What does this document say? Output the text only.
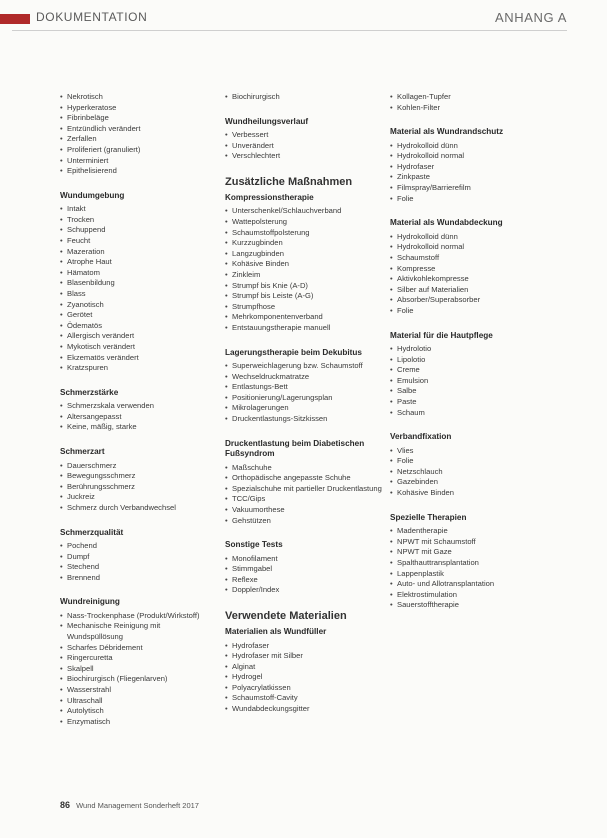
DOKUMENTATION	ANHANG A
• Nekrotisch
• Hyperkeratose
• Fibrinbeläge
• Entzündlich verändert
• Zerfallen
• Proliferiert (granuliert)
• Unterminiert
• Epithelisierend
Wundumgebung
• Intakt
• Trocken
• Schuppend
• Feucht
• Mazeration
• Atrophe Haut
• Hämatom
• Blasenbildung
• Blass
• Zyanotisch
• Gerötet
• Ödematös
• Allergisch verändert
• Mykotisch verändert
• Ekzematös verändert
• Kratzspuren
Schmerzstärke
• Schmerzskala verwenden
• Altersangepasst
• Keine, mäßig, starke
Schmerzart
• Dauerschmerz
• Bewegungsschmerz
• Berührungsschmerz
• Juckreiz
• Schmerz durch Verbandwechsel
Schmerzqualität
• Pochend
• Dumpf
• Stechend
• Brennend
Wundreinigung
• Nass-Trockenphase (Produkt/Wirkstoff)
• Mechanische Reinigung mit Wundspüllösung
• Scharfes Débridement
• Ringercuretta
• Skalpell
• Biochirurgisch (Fliegenlarven)
• Wasserstrahl
• Ultraschall
• Autolytisch
• Enzymatisch
• Biochirurgisch
Wundheilungsverlauf
• Verbessert
• Unverändert
• Verschlechtert
Zusätzliche Maßnahmen
Kompressionstherapie
• Unterschenkel/Schlauchverband
• Wattepolsterung
• Schaumstoffpolsterung
• Kurzzugbinden
• Langzugbinden
• Kohäsive Binden
• Zinkleim
• Strumpf bis Knie (A-D)
• Strumpf bis Leiste (A-G)
• Strumpfhose
• Mehrkomponentenverband
• Entstauungstherapie manuell
Lagerungstherapie beim Dekubitus
• Superweichlagerung bzw. Schaumstoff
• Wechseldruckmatratze
• Entlastungs-Bett
• Positionierung/Lagerungsplan
• Mikrolagerungen
• Druckentlastungs-Sitzkissen
Druckentlastung beim Diabetischen Fußsyndrom
• Maßschuhe
• Orthopädische angepasste Schuhe
• Spezialschuhe mit partieller Druckentlastung
• TCC/Gips
• Vakuumorthese
• Gehstützen
Sonstige Tests
• Monofilament
• Stimmgabel
• Reflexe
• Doppler/Index
Verwendete Materialien
Materialien als Wundfüller
• Hydrofaser
• Hydrofaser mit Silber
• Alginat
• Hydrogel
• Polyacrylatkissen
• Schaumstoff-Cavity
• Wundabdeckungsgitter
• Kollagen-Tupfer
• Kohlen-Filter
Material als Wundrandschutz
• Hydrokolloid dünn
• Hydrokolloid normal
• Hydrofaser
• Zinkpaste
• Filmspray/Barrierefilm
• Folie
Material als Wundabdeckung
• Hydrokolloid dünn
• Hydrokolloid normal
• Schaumstoff
• Kompresse
• Aktivkohlekompresse
• Silber auf Materialien
• Absorber/Superabsorber
• Folie
Material für die Hautpflege
• Hydrolotio
• Lipolotio
• Creme
• Emulsion
• Salbe
• Paste
• Schaum
Verbandfixation
• Vlies
• Folie
• Netzschlauch
• Gazebinden
• Kohäsive Binden
Spezielle Therapien
• Madentherapie
• NPWT mit Schaumstoff
• NPWT mit Gaze
• Spalthauttransplantation
• Lappenplastik
• Auto- und Allotransplantation
• Elektrostimulation
• Sauerstofftherapie
86 Wund Management Sonderheft 2017
